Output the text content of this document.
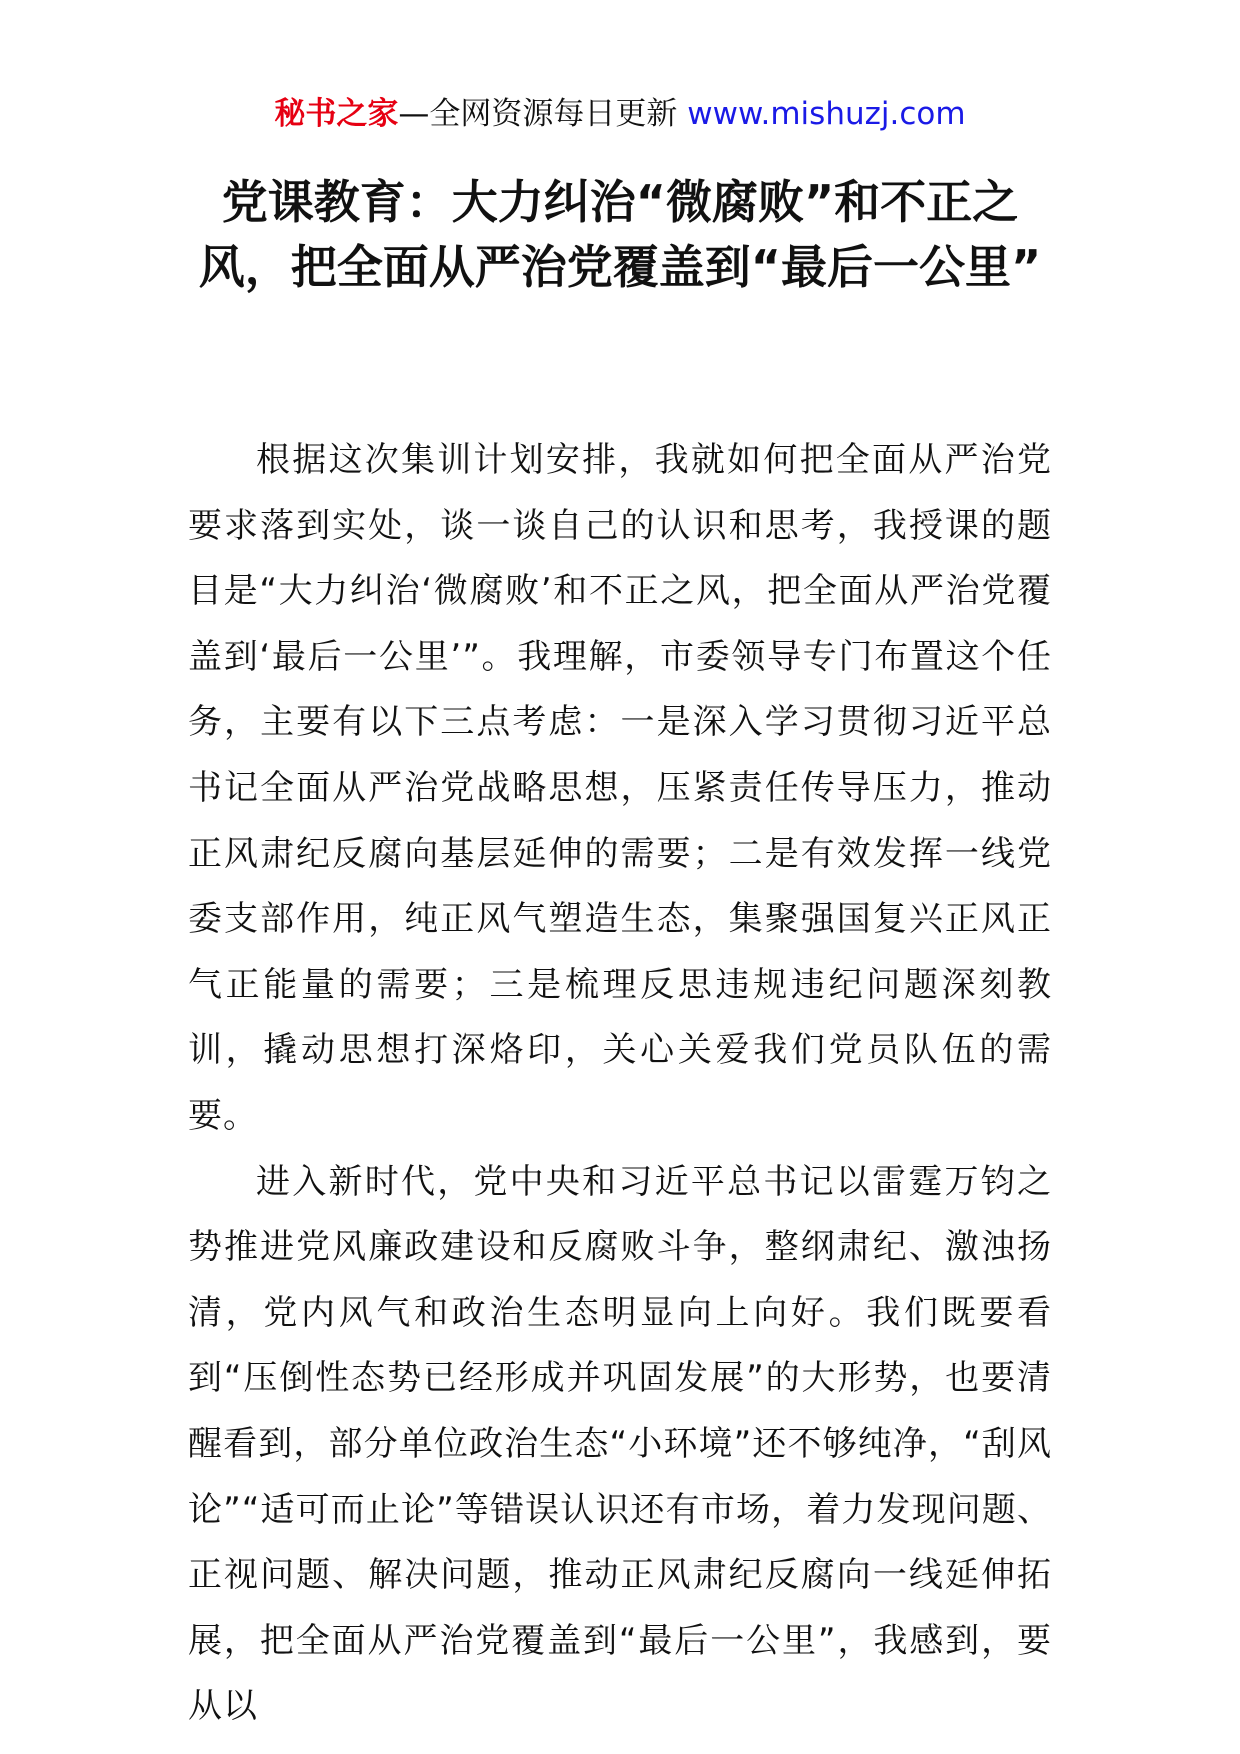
秘书之家—全网资源每日更新 www.mishuzj.com
党课教育：大力纠治“微腐败”和不正之风，把全面从严治党覆盖到“最后一公里”

根据这次集训计划安排，我就如何把全面从严治党要求落到实处，谈一谈自己的认识和思考，我授课的题目是“大力纠治‘微腐败’和不正之风，把全面从严治党覆盖到‘最后一公里’”。我理解，市委领导专门布置这个任务，主要有以下三点考虑：一是深入学习贯彻习近平总书记全面从严治党战略思想，压紧责任传导压力，推动正风肃纪反腐向基层延伸的需要；二是有效发挥一线党委支部作用，纯正风气塑造生态，集聚强国复兴正风正气正能量的需要；三是梳理反思违规违纪问题深刻教训，撬动思想打深烙印，关心关爱我们党员队伍的需要。

进入新时代，党中央和习近平总书记以雷霆万钧之势推进党风廉政建设和反腐败斗争，整纲肃纪、激浊扬清，党内风气和政治生态明显向上向好。我们既要看到“压倒性态势已经形成并巩固发展”的大形势，也要清醒看到，部分单位政治生态“小环境”还不够纯净，“刮风论”“适可而止论”等错误认识还有市场，着力发现问题、正视问题、解决问题，推动正风肃纪反腐向一线延伸拓展，把全面从严治党覆盖到“最后一公里”，我感到，要从以
